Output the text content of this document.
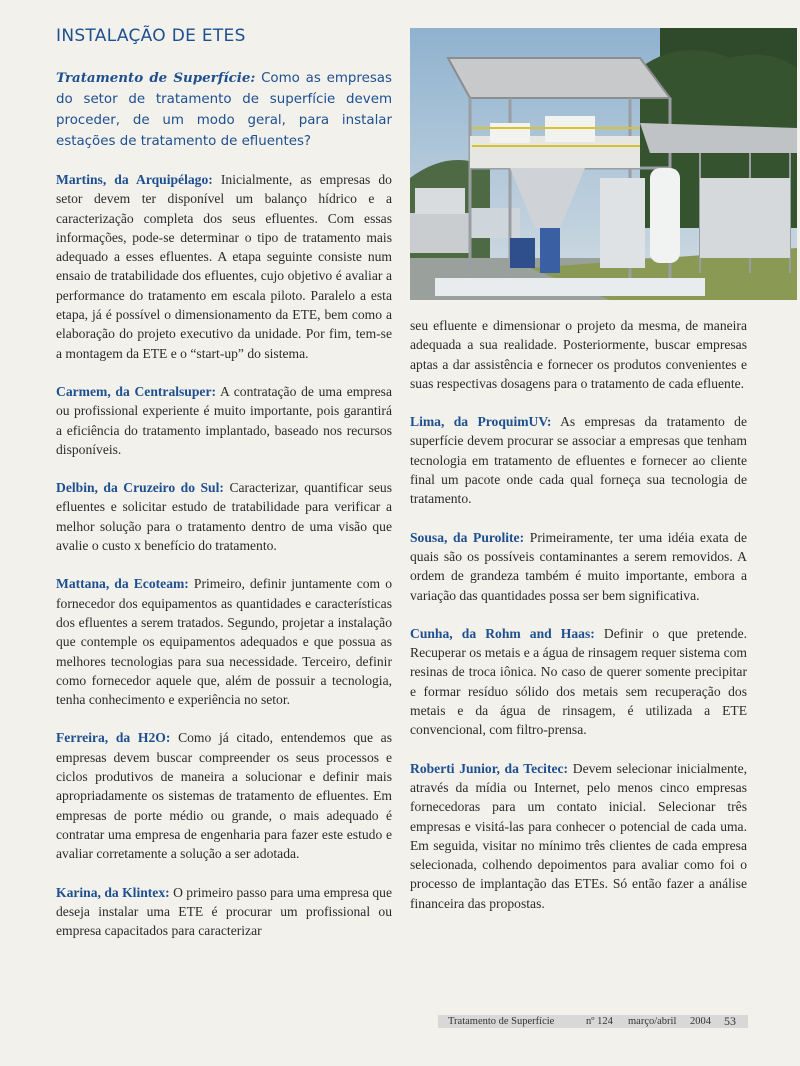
INSTALAÇÃO DE ETES
Tratamento de Superfície: Como as empresas do setor de tratamento de superfície devem proceder, de um modo geral, para instalar estações de tratamento de efluentes?

Martins, da Arquipélago: Inicialmente, as empresas do setor devem ter disponível um balanço hídrico e a caracterização completa dos seus efluentes. Com essas informações, pode-se determinar o tipo de tratamento mais adequado a esses efluentes. A etapa seguinte consiste num ensaio de tratabilidade dos efluentes, cujo objetivo é avaliar a performance do tratamento em escala piloto. Paralelo a esta etapa, já é possível o dimensionamento da ETE, bem como a elaboração do projeto executivo da unidade. Por fim, tem-se a montagem da ETE e o “start-up” do sistema.

Carmem, da Centralsuper: A contratação de uma empresa ou profissional experiente é muito importante, pois garantirá a eficiência do tratamento implantado, baseado nos recursos disponíveis.

Delbin, da Cruzeiro do Sul: Caracterizar, quantificar seus efluentes e solicitar estudo de tratabilidade para verificar a melhor solução para o tratamento dentro de uma visão que avalie o custo x benefício do tratamento.

Mattana, da Ecoteam: Primeiro, definir juntamente com o fornecedor dos equipamentos as quantidades e características dos efluentes a serem tratados. Segundo, projetar a instalação que contemple os equipamentos adequados e que possua as melhores tecnologias para sua necessidade. Terceiro, definir como fornecedor aquele que, além de possuir a tecnologia, tenha conhecimento e experiência no setor.

Ferreira, da H2O: Como já citado, entendemos que as empresas devem buscar compreender os seus processos e ciclos produtivos de maneira a solucionar e definir mais apropriadamente os sistemas de tratamento de efluentes. Em empresas de porte médio ou grande, o mais adequado é contratar uma empresa de engenharia para fazer este estudo e avaliar corretamente a solução a ser adotada.

Karina, da Klintex: O primeiro passo para uma empresa que deseja instalar uma ETE é procurar um profissional ou empresa capacitados para caracterizar

seu efluente e dimensionar o projeto da mesma, de maneira adequada a sua realidade. Posteriormente, buscar empresas aptas a dar assistência e fornecer os produtos convenientes e suas respectivas dosagens para o tratamento de cada efluente.

Lima, da ProquimUV: As empresas da tratamento de superfície devem procurar se associar a empresas que tenham tecnologia em tratamento de efluentes e fornecer ao cliente final um pacote onde cada qual forneça sua tecnologia de tratamento.

Sousa, da Purolite: Primeiramente, ter uma idéia exata de quais são os possíveis contaminantes a serem removidos. A ordem de grandeza também é muito importante, embora a variação das quantidades possa ser bem significativa.

Cunha, da Rohm and Haas: Definir o que pretende. Recuperar os metais e a água de rinsagem requer sistema com resinas de troca iônica. No caso de querer somente precipitar e formar resíduo sólido dos metais sem recuperação dos metais e da água de rinsagem, é utilizada a ETE convencional, com filtro-prensa.

Roberti Junior, da Tecitec: Devem selecionar inicialmente, através da mídia ou Internet, pelo menos cinco empresas fornecedoras para um contato inicial. Selecionar três empresas e visitá-las para conhecer o potencial de cada uma. Em seguida, visitar no mínimo três clientes de cada empresa selecionada, colhendo depoimentos para avaliar como foi o processo de implantação das ETEs. Só então fazer a análise financeira das propostas.

Tratamento de Superfície	nº 124 março/abril 2004 53
